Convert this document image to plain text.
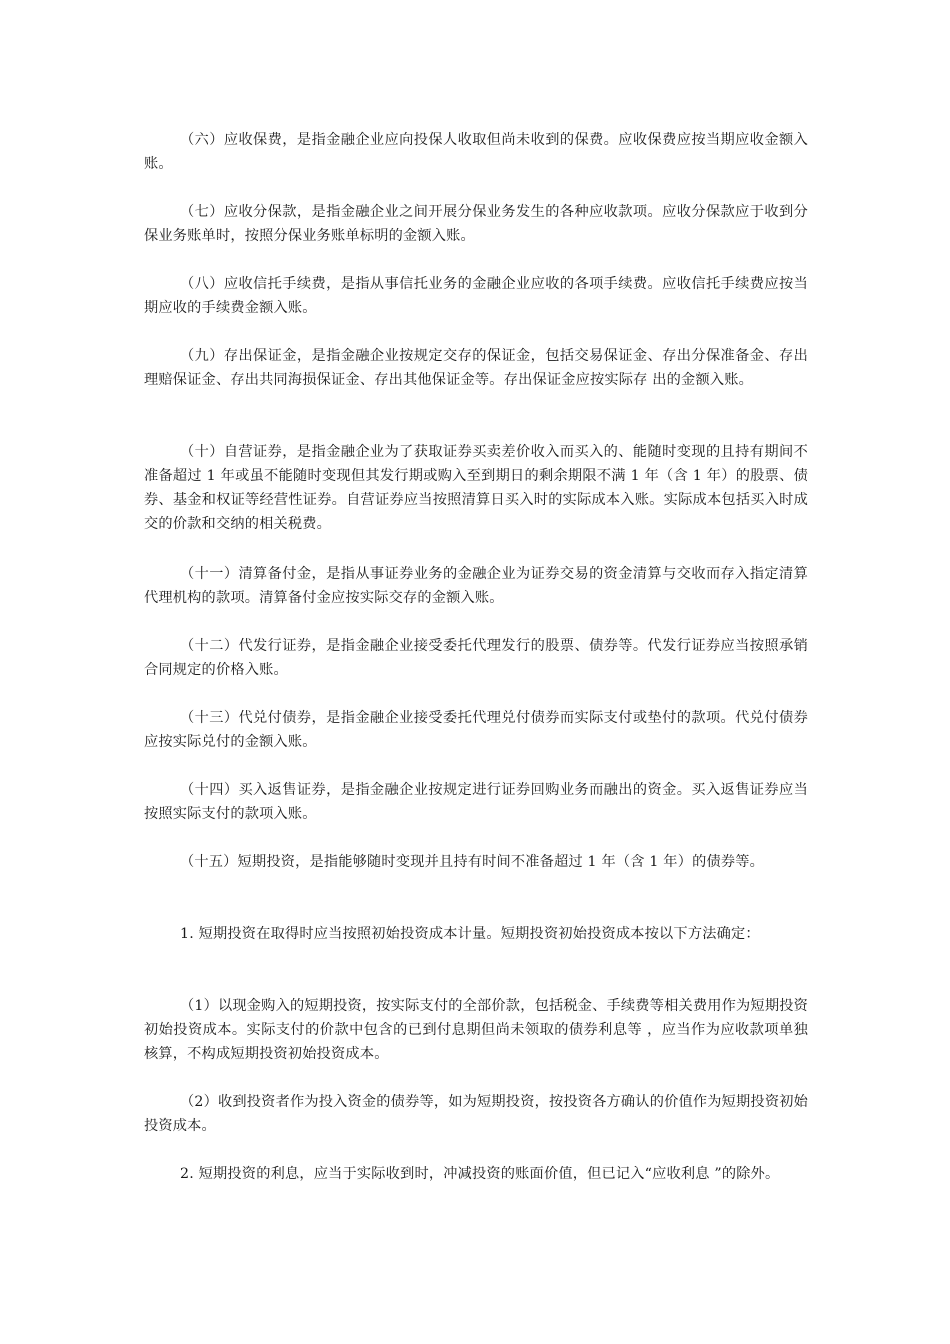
（六）应收保费，是指金融企业应向投保人收取但尚未收到的保费。应收保费应按当期应收金额入账。

（七）应收分保款，是指金融企业之间开展分保业务发生的各种应收款项。应收分保款应于收到分保业务账单时，按照分保业务账单标明的金额入账。

（八）应收信托手续费，是指从事信托业务的金融企业应收的各项手续费。应收信托手续费应按当期应收的手续费金额入账。

（九）存出保证金，是指金融企业按规定交存的保证金，包括交易保证金、存出分保准备金、存出理赔保证金、存出共同海损保证金、存出其他保证金等。存出保证金应按实际存 出的金额入账。

（十）自营证券，是指金融企业为了获取证券买卖差价收入而买入的、能随时变现的且持有期间不准备超过 1 年或虽不能随时变现但其发行期或购入至到期日的剩余期限不满 1 年（含 1 年）的股票、债券、基金和权证等经营性证券。自营证券应当按照清算日买入时的实际成本入账。实际成本包括买入时成交的价款和交纳的相关税费。

（十一）清算备付金，是指从事证券业务的金融企业为证券交易的资金清算与交收而存入指定清算代理机构的款项。清算备付金应按实际交存的金额入账。

（十二）代发行证券，是指金融企业接受委托代理发行的股票、债券等。代发行证券应当按照承销合同规定的价格入账。

（十三）代兑付债券，是指金融企业接受委托代理兑付债券而实际支付或垫付的款项。代兑付债券应按实际兑付的金额入账。

（十四）买入返售证券，是指金融企业按规定进行证券回购业务而融出的资金。买入返售证券应当按照实际支付的款项入账。

（十五）短期投资，是指能够随时变现并且持有时间不准备超过 1 年（含 1 年）的债券等。

1. 短期投资在取得时应当按照初始投资成本计量。短期投资初始投资成本按以下方法确定：

（1）以现金购入的短期投资，按实际支付的全部价款，包括税金、手续费等相关费用作为短期投资初始投资成本。实际支付的价款中包含的已到付息期但尚未领取的债券利息等 ，应当作为应收款项单独核算，不构成短期投资初始投资成本。

（2）收到投资者作为投入资金的债券等，如为短期投资，按投资各方确认的价值作为短期投资初始投资成本。

2. 短期投资的利息，应当于实际收到时，冲减投资的账面价值，但已记入“应收利息 ”的除外。
